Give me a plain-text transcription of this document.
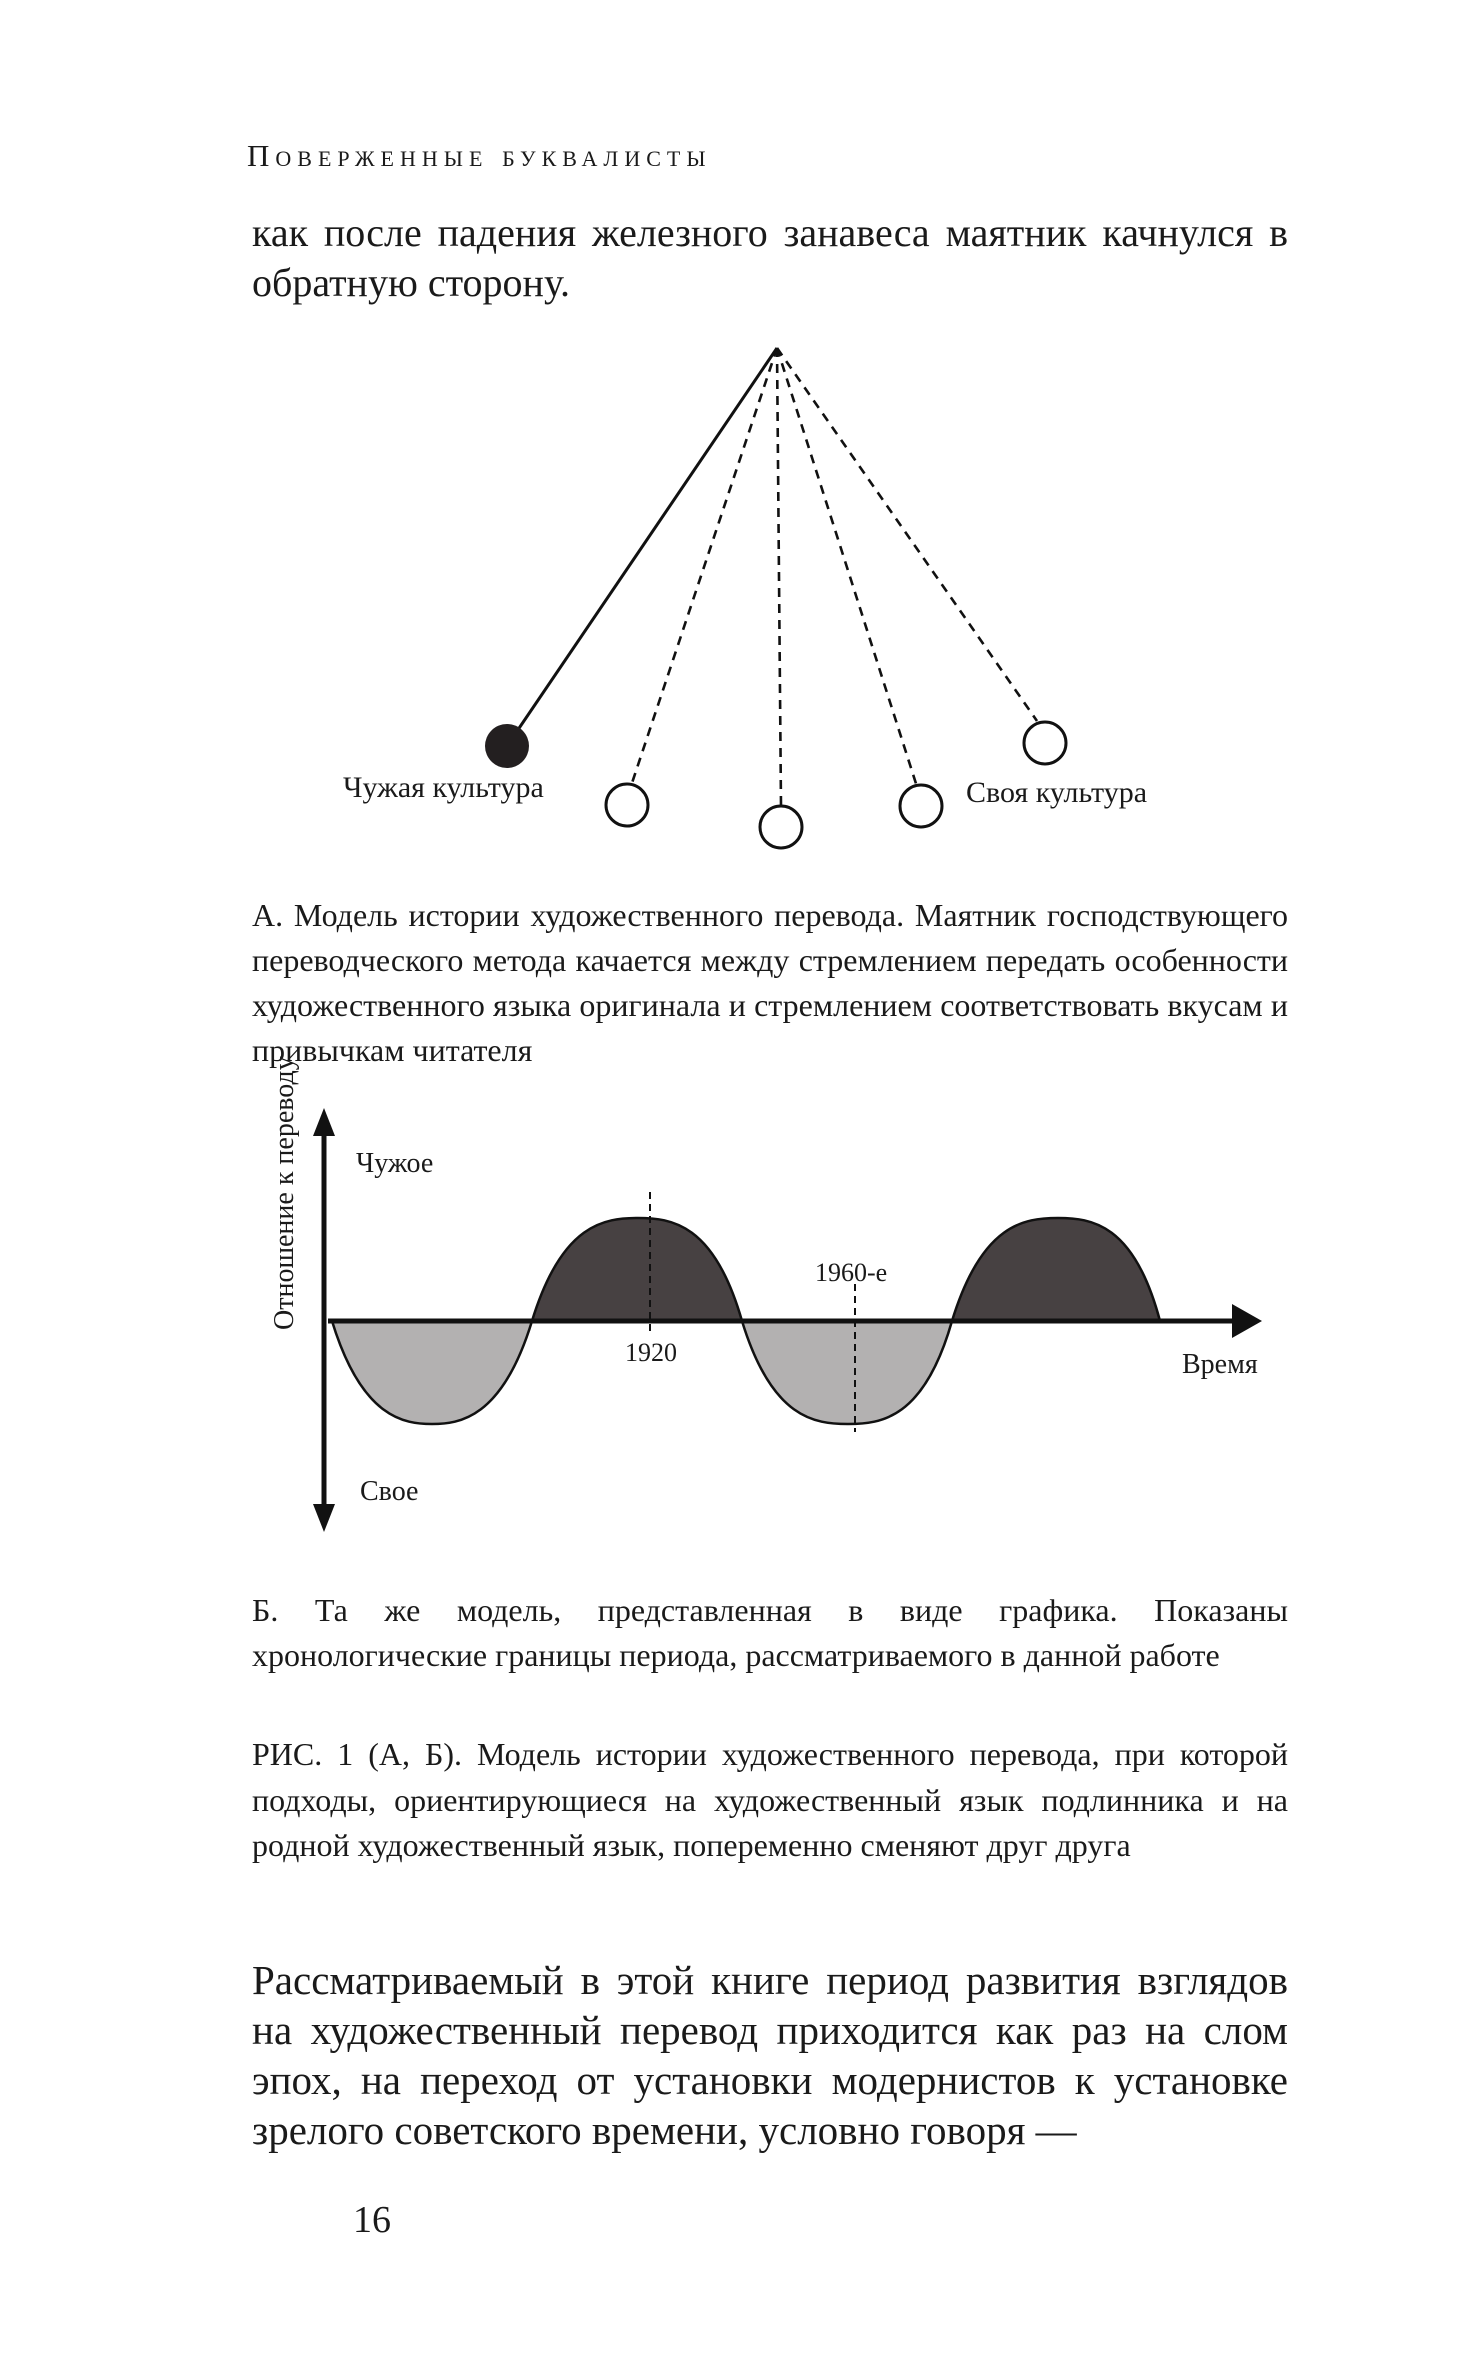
Поверженные буквалисты
как после падения железного занавеса маятник качнулся в обратную сторону.
Чужая культура	Своя культура
А. Модель истории художественного перевода. Маятник господствующего переводческого метода качается между стремлением передать особенности художественного языка оригинала и стремлением соответствовать вкусам и привычкам читателя
Отношение к переводу Чужое
Свое
1960-е
1920	Время
Б. Та же модель, представленная в виде графика. Показаны хронологические границы периода, рассматриваемого в данной работе
РИС. 1 (А, Б). Модель истории художественного перевода, при которой подходы, ориентирующиеся на художественный язык подлинника и на родной художественный язык, попеременно сменяют друг друга
Рассматриваемый в этой книге период развития взглядов на художественный перевод приходится как раз на слом эпох, на переход от установки модернистов к установке зрелого советского времени, условно говоря —
16
